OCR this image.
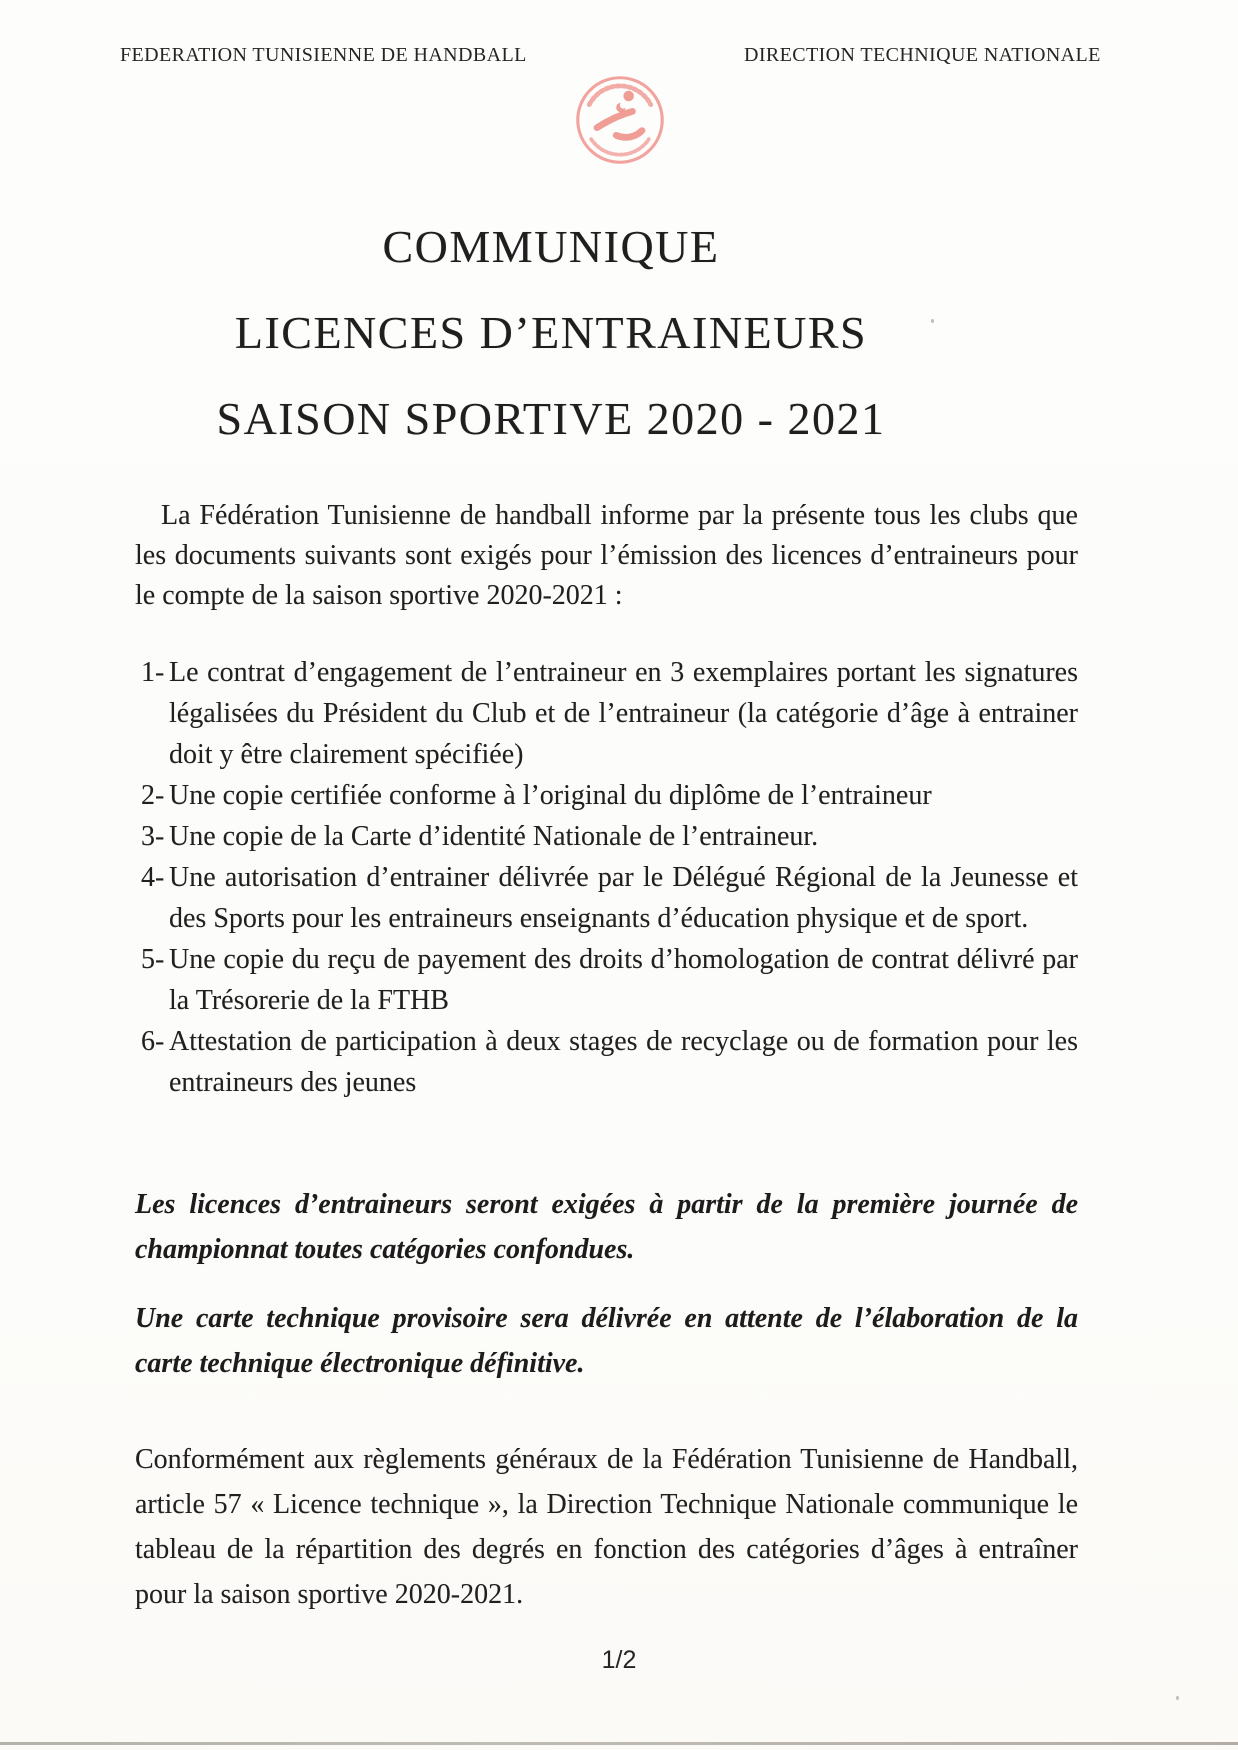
FEDERATION TUNISIENNE DE HANDBALL	DIRECTION TECHNIQUE NATIONALE
COMMUNIQUE
LICENCES D’ENTRAINEURS
SAISON SPORTIVE 2020 - 2021

La Fédération Tunisienne de handball informe par la présente tous les clubs que les documents suivants sont exigés pour l’émission des licences d’entraineurs pour le compte de la saison sportive 2020-2021 :

1- Le contrat d’engagement de l’entraineur en 3 exemplaires portant les signatures légalisées du Président du Club et de l’entraineur (la catégorie d’âge à entrainer doit y être clairement spécifiée)
2- Une copie certifiée conforme à l’original du diplôme de l’entraineur
3- Une copie de la Carte d’identité Nationale de l’entraineur.
4- Une autorisation d’entrainer délivrée par le Délégué Régional de la Jeunesse et des Sports pour les entraineurs enseignants d’éducation physique et de sport.
5- Une copie du reçu de payement des droits d’homologation de contrat délivré par la Trésorerie de la FTHB
6- Attestation de participation à deux stages de recyclage ou de formation pour les entraineurs des jeunes

Les licences d’entraineurs seront exigées à partir de la première journée de championnat toutes catégories confondues.

Une carte technique provisoire sera délivrée en attente de l’élaboration de la carte technique électronique définitive.

Conformément aux règlements généraux de la Fédération Tunisienne de Handball, article 57 « Licence technique », la Direction Technique Nationale communique le tableau de la répartition des degrés en fonction des catégories d’âges à entraîner pour la saison sportive 2020-2021.

1/2
